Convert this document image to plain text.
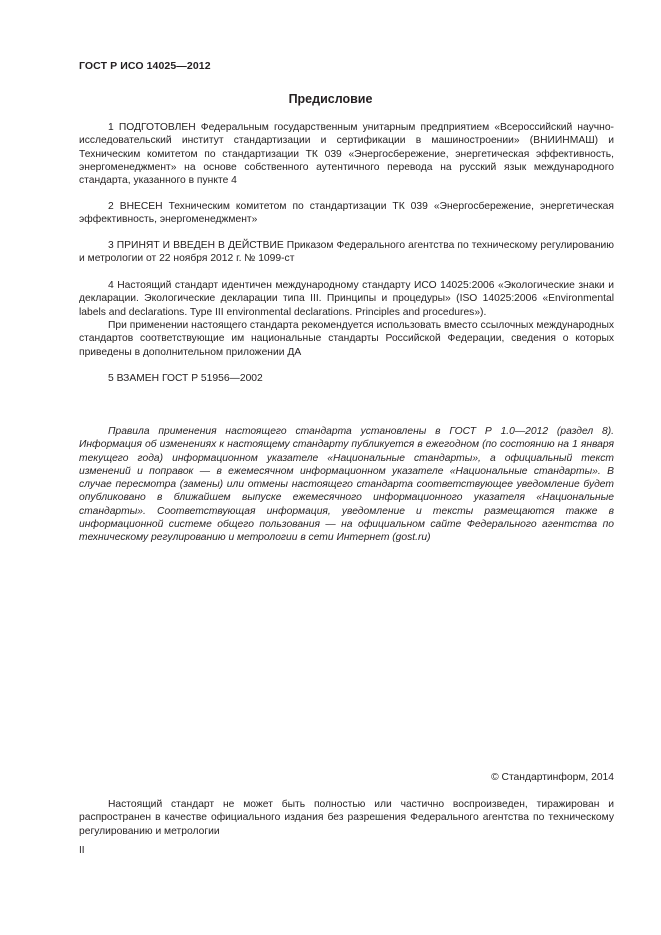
ГОСТ Р ИСО 14025—2012
Предисловие
1 ПОДГОТОВЛЕН Федеральным государственным унитарным предприятием «Всероссийский научно-исследовательский институт стандартизации и сертификации в машиностроении» (ВНИИНМАШ) и Техническим комитетом по стандартизации ТК 039 «Энергосбережение, энергетическая эффективность, энергоменеджмент» на основе собственного аутентичного перевода на русский язык международного стандарта, указанного в пункте 4
2 ВНЕСЕН Техническим комитетом по стандартизации ТК 039 «Энергосбережение, энергетическая эффективность, энергоменеджмент»
3 ПРИНЯТ И ВВЕДЕН В ДЕЙСТВИЕ Приказом Федерального агентства по техническому регулированию и метрологии от 22 ноября 2012 г. № 1099-ст
4 Настоящий стандарт идентичен международному стандарту ИСО 14025:2006 «Экологические знаки и декларации. Экологические декларации типа III. Принципы и процедуры» (ISO 14025:2006 «Environmental labels and declarations. Type III environmental declarations. Principles and procedures»).
При применении настоящего стандарта рекомендуется использовать вместо ссылочных международных стандартов соответствующие им национальные стандарты Российской Федерации, сведения о которых приведены в дополнительном приложении ДА
5 ВЗАМЕН ГОСТ Р 51956—2002
Правила применения настоящего стандарта установлены в ГОСТ Р 1.0—2012 (раздел 8). Информация об изменениях к настоящему стандарту публикуется в ежегодном (по состоянию на 1 января текущего года) информационном указателе «Национальные стандарты», а официальный текст изменений и поправок — в ежемесячном информационном указателе «Национальные стандарты». В случае пересмотра (замены) или отмены настоящего стандарта соответствующее уведомление будет опубликовано в ближайшем выпуске ежемесячного информационного указателя «Национальные стандарты». Соответствующая информация, уведомление и тексты размещаются также в информационной системе общего пользования — на официальном сайте Федерального агентства по техническому регулированию и метрологии в сети Интернет (gost.ru)
© Стандартинформ, 2014
Настоящий стандарт не может быть полностью или частично воспроизведен, тиражирован и распространен в качестве официального издания без разрешения Федерального агентства по техническому регулированию и метрологии
II
